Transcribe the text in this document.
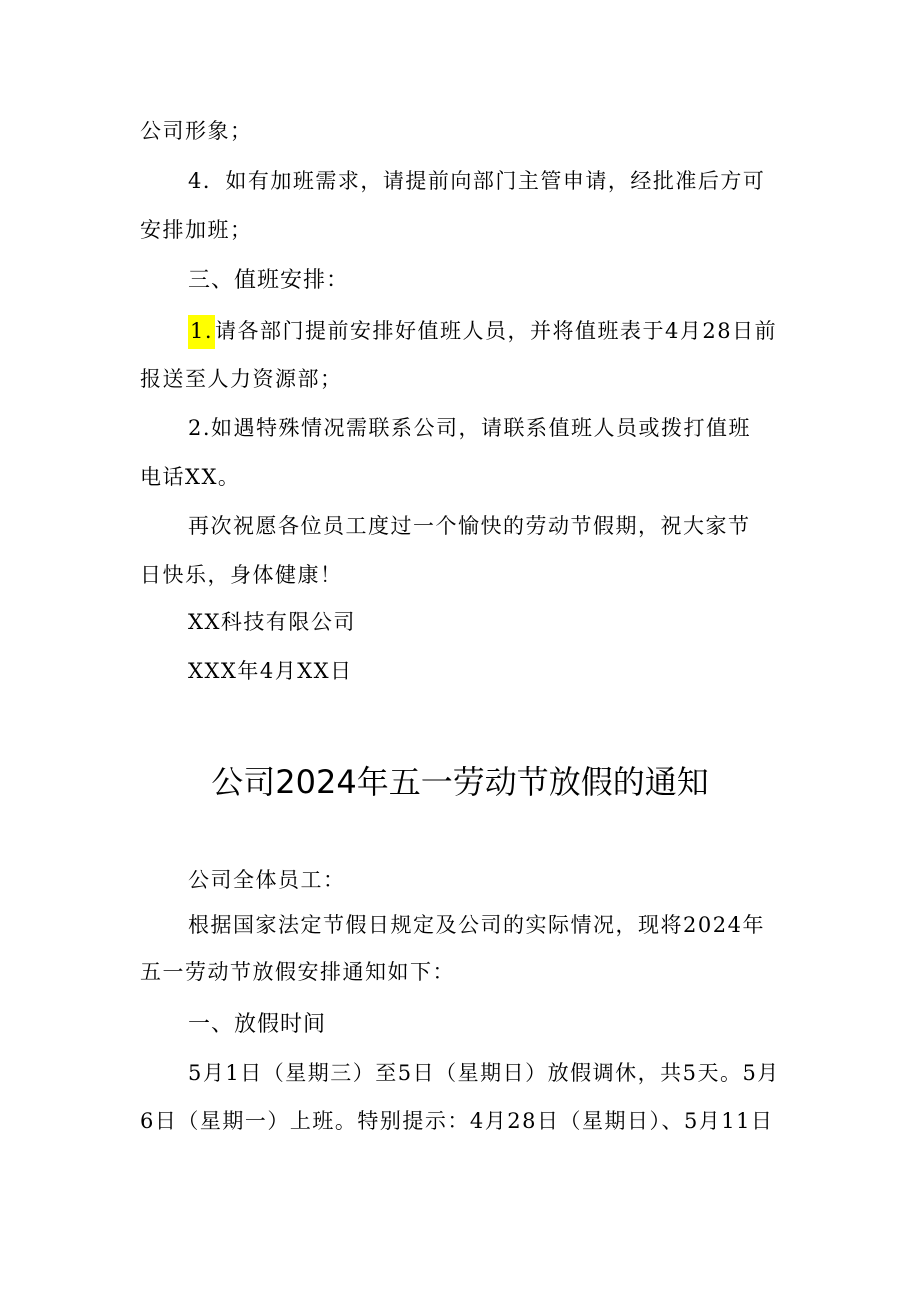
公司形象；
4．如有加班需求，请提前向部门主管申请，经批准后方可
安排加班；
三、值班安排：
1.请各部门提前安排好值班人员，并将值班表于4月28日前
报送至人力资源部；
2.如遇特殊情况需联系公司，请联系值班人员或拨打值班
电话XX。
再次祝愿各位员工度过一个愉快的劳动节假期，祝大家节
日快乐，身体健康！
XX科技有限公司
XXX年4月XX日
公司2024年五一劳动节放假的通知
公司全体员工：
根据国家法定节假日规定及公司的实际情况，现将2024年
五一劳动节放假安排通知如下：
一、放假时间
5月1日（星期三）至5日（星期日）放假调休，共5天。5月
6日（星期一）上班。特别提示：4月28日（星期日）、5月11日
